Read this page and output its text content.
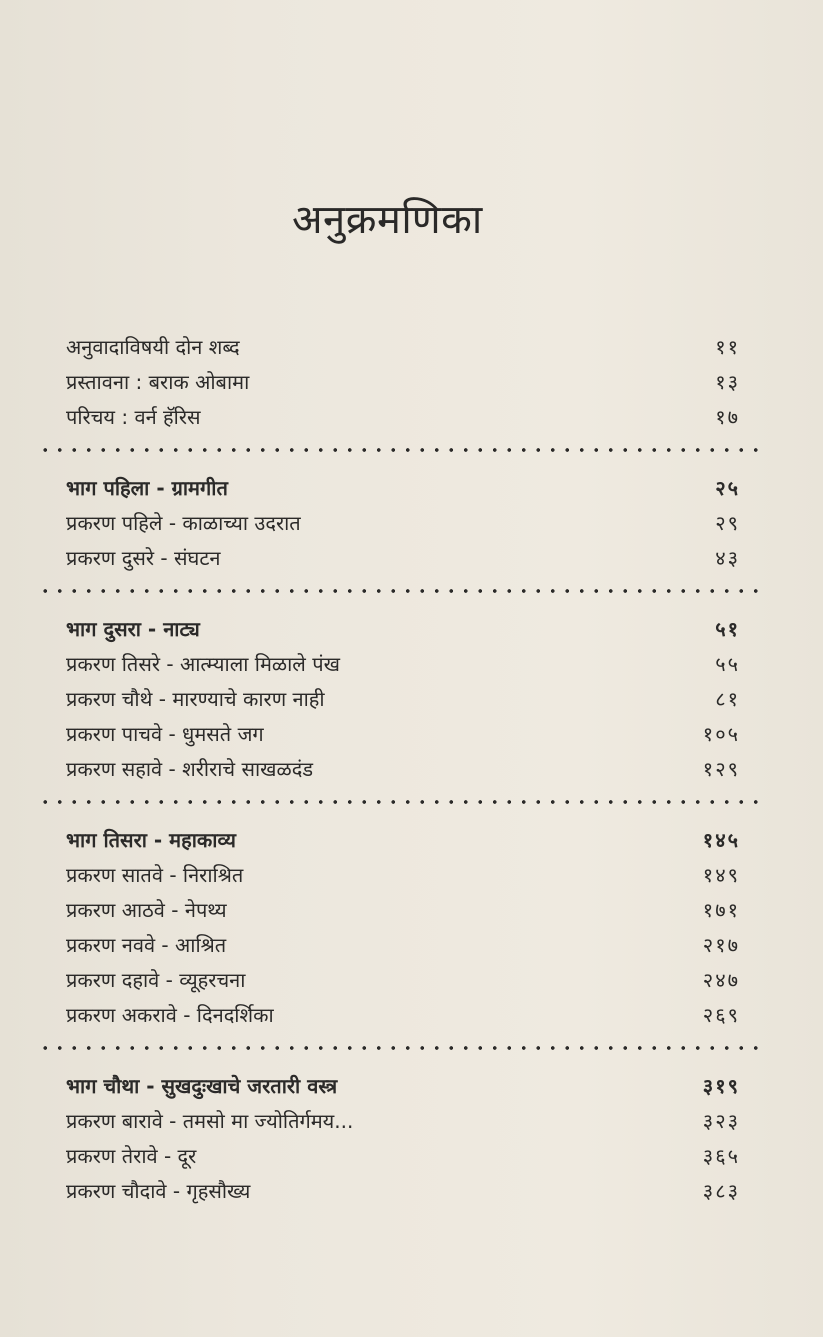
अनुक्रमणिका
अनुवादाविषयी दोन शब्द	११
प्रस्तावना : बराक ओबामा	१३
परिचय : वर्न हॅरिस	१७
भाग पहिला - ग्रामगीत	२५
प्रकरण पहिले - काळाच्या उदरात	२९
प्रकरण दुसरे - संघटन	४३
भाग दुसरा - नाट्य	५१
प्रकरण तिसरे - आत्म्याला मिळाले पंख	५५
प्रकरण चौथे - मारण्याचे कारण नाही	८१
प्रकरण पाचवे - धुमसते जग	१०५
प्रकरण सहावे - शरीराचे साखळदंड	१२९
भाग तिसरा - महाकाव्य	१४५
प्रकरण सातवे - निराश्रित	१४९
प्रकरण आठवे - नेपथ्य	१७१
प्रकरण नववे - आश्रित	२१७
प्रकरण दहावे - व्यूहरचना	२४७
प्रकरण अकरावे - दिनदर्शिका	२६९
भाग चौथा - सुखदुःखाचे जरतारी वस्त्र	३१९
प्रकरण बारावे - तमसो मा ज्योतिर्गमय...	३२३
प्रकरण तेरावे - दूर	३६५
प्रकरण चौदावे - गृहसौख्य	३८३
